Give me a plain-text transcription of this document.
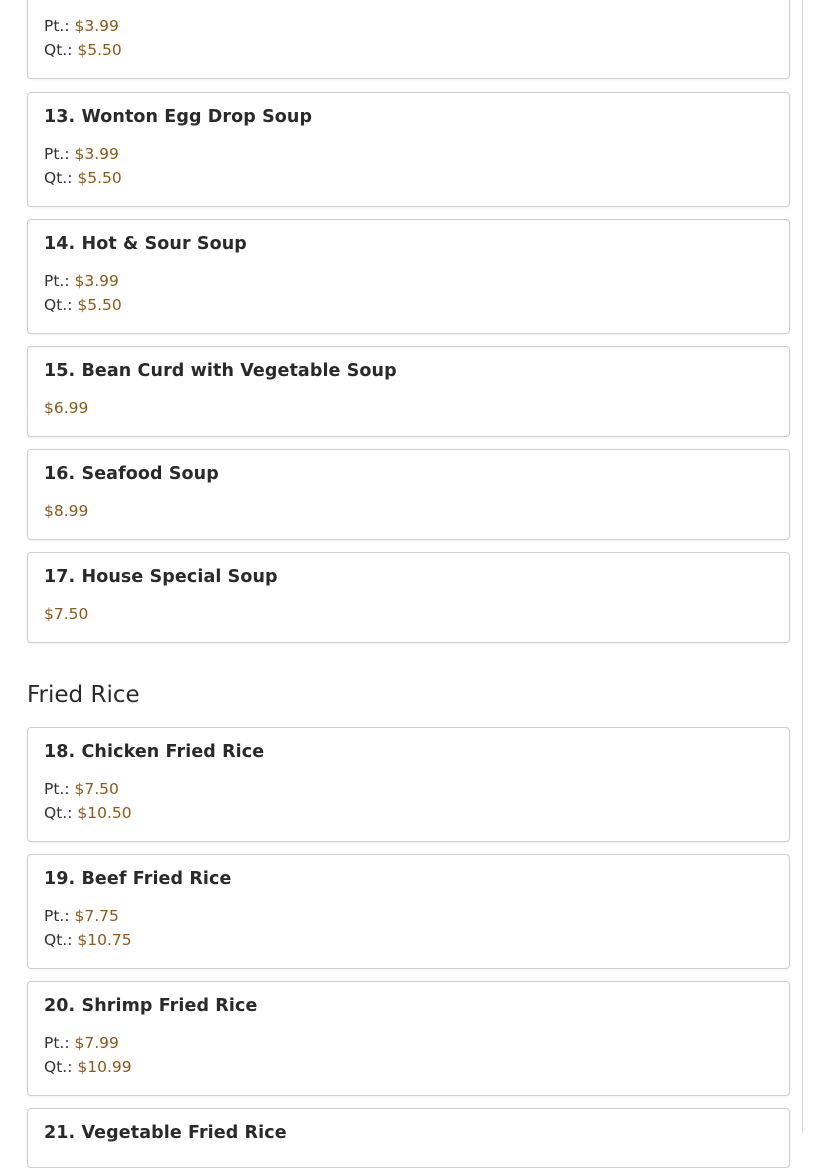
Pt.: $3.99
Qt.: $5.50
13. Wonton Egg Drop Soup
Pt.: $3.99
Qt.: $5.50
14. Hot & Sour Soup
Pt.: $3.99
Qt.: $5.50
15. Bean Curd with Vegetable Soup
$6.99
16. Seafood Soup
$8.99
17. House Special Soup
$7.50
Fried Rice
18. Chicken Fried Rice
Pt.: $7.50
Qt.: $10.50
19. Beef Fried Rice
Pt.: $7.75
Qt.: $10.75
20. Shrimp Fried Rice
Pt.: $7.99
Qt.: $10.99
21. Vegetable Fried Rice
